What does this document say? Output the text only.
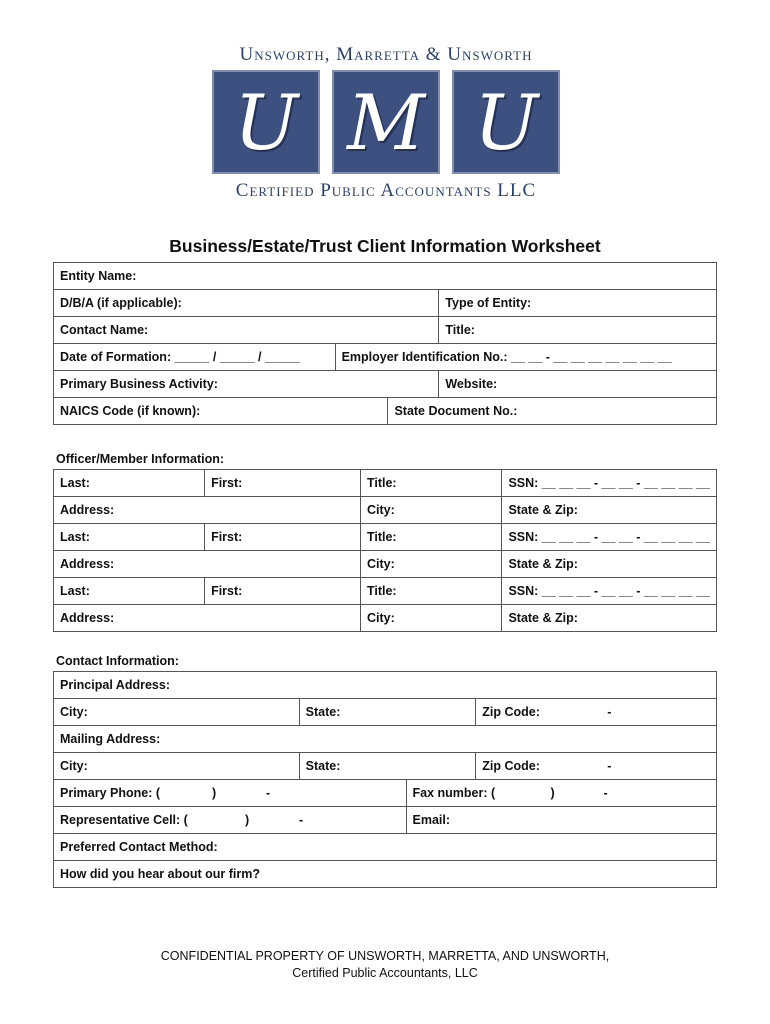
Unsworth, Marretta & Unsworth
U M U
Certified Public Accountants LLC
Business/Estate/Trust Client Information Worksheet
Entity Name:			
D/B/A (if applicable):			Type of Entity:
Contact Name:			Title:
Date of Formation: _____ / _____ / _____	Employer Identification No.: __ __ - __ __ __ __ __ __ __		
Primary Business Activity:			Website:
NAICS Code (if known):		State Document No.:	
Officer/Member Information:
Last:	First:	Title:	SSN: __ __ __ - __ __ - __ __ __ __
Address:		City:	State & Zip:
Last:	First:	Title:	SSN: __ __ __ - __ __ - __ __ __ __
Address:		City:	State & Zip:
Last:	First:	Title:	SSN: __ __ __ - __ __ - __ __ __ __
Address:		City:	State & Zip:
Contact Information:
Principal Address:			
City:	State:		Zip Code: -

Mailing Address:			
City:	State:		Zip Code: -

Primary Phone: ( ) -		Fax number: ( ) -	

Representative Cell: ( ) -		Email:	
Preferred Contact Method:			
How did you hear about our firm?			
CONFIDENTIAL PROPERTY OF UNSWORTH, MARRETTA, AND UNSWORTH,
Certified Public Accountants, LLC
